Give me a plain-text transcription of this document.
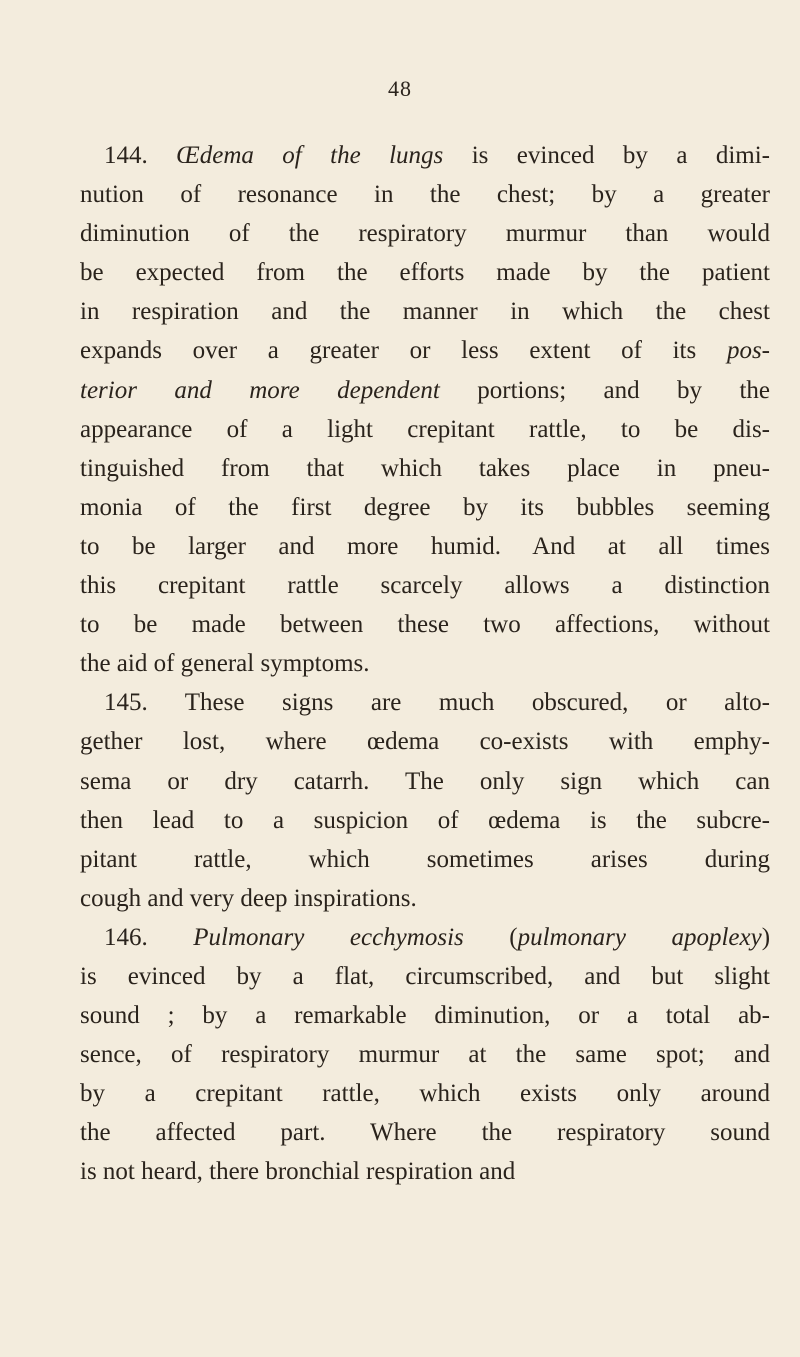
48
144. Œdema of the lungs is evinced by a dimi-
nution of resonance in the chest; by a greater
diminution of the respiratory murmur than would
be expected from the efforts made by the patient
in respiration and the manner in which the chest
expands over a greater or less extent of its pos-
terior and more dependent portions; and by the
appearance of a light crepitant rattle, to be dis-
tinguished from that which takes place in pneu-
monia of the first degree by its bubbles seeming
to be larger and more humid. And at all times
this crepitant rattle scarcely allows a distinction
to be made between these two affections, without
the aid of general symptoms.
145. These signs are much obscured, or alto-
gether lost, where œdema co-exists with emphy-
sema or dry catarrh. The only sign which can
then lead to a suspicion of œdema is the subcre-
pitant rattle, which sometimes arises during
cough and very deep inspirations.
146. Pulmonary ecchymosis (pulmonary apoplexy)
is evinced by a flat, circumscribed, and but slight
sound ; by a remarkable diminution, or a total ab-
sence, of respiratory murmur at the same spot; and
by a crepitant rattle, which exists only around
the affected part. Where the respiratory sound
is not heard, there bronchial respiration and
